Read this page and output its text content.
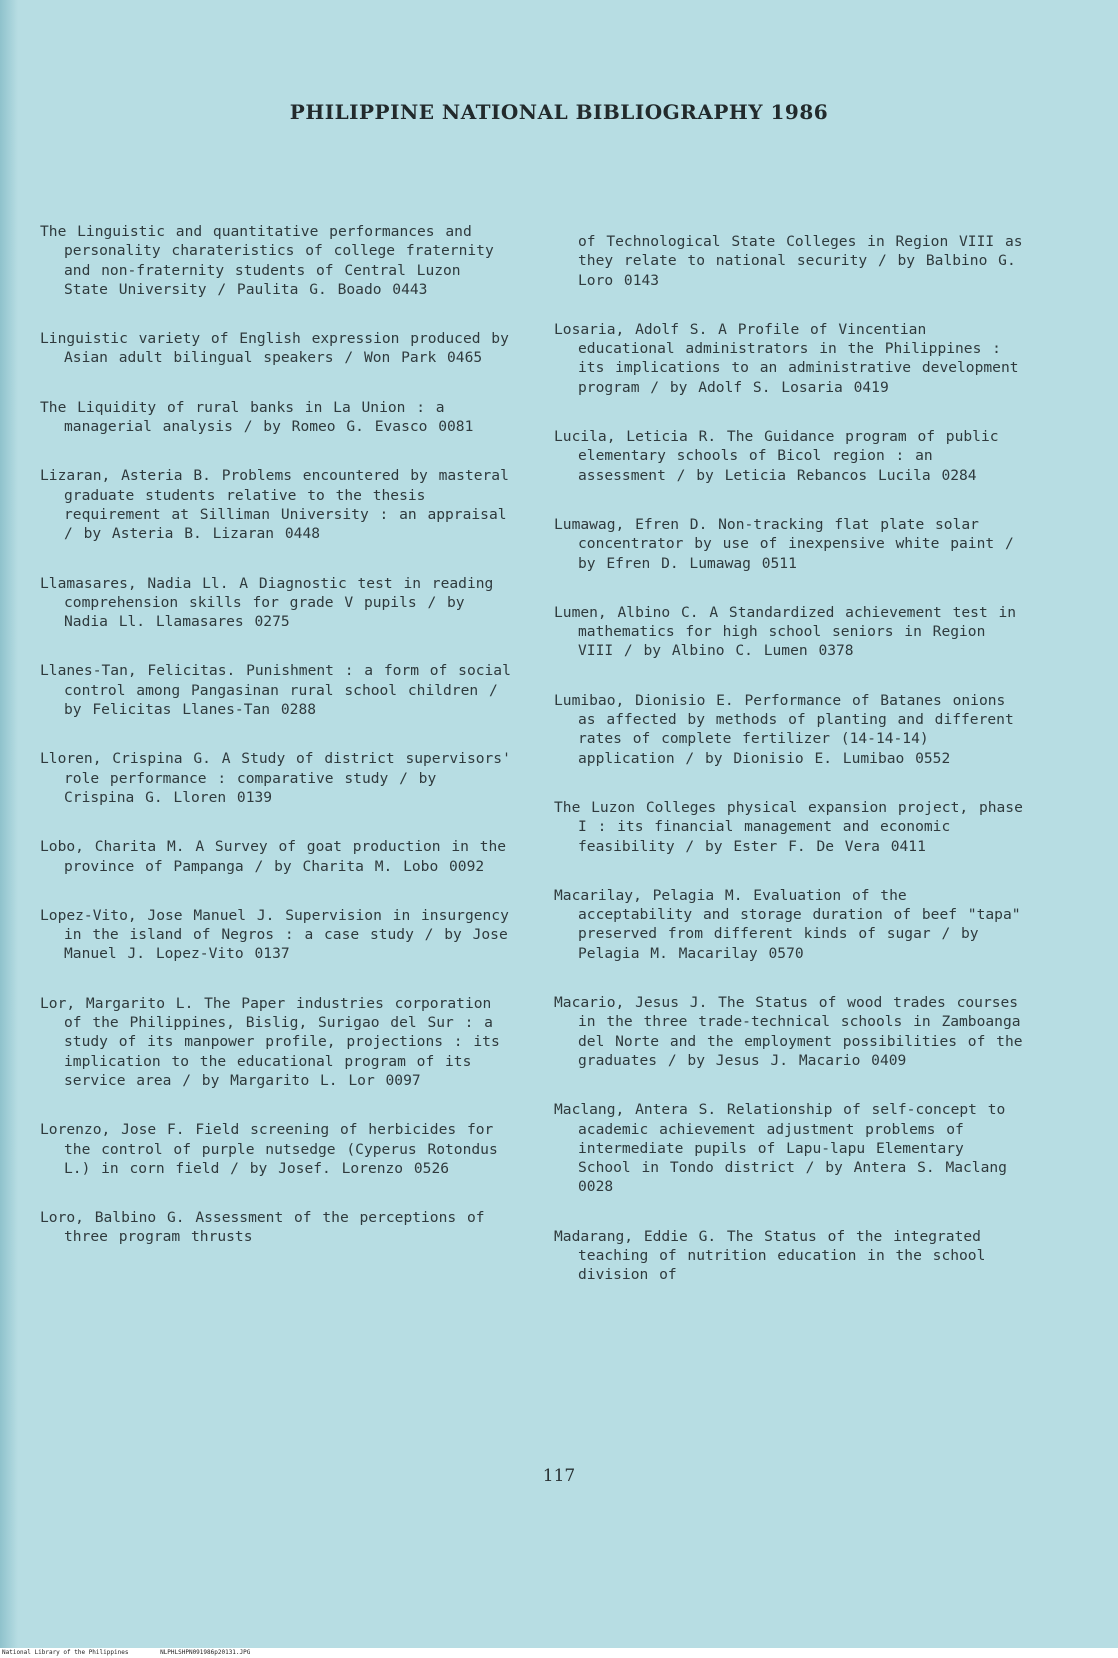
PHILIPPINE NATIONAL BIBLIOGRAPHY 1986

The Linguistic and quantitative performances and personality charateristics of college fraternity and non-fraternity students of Central Luzon State University / Paulita G. Boado 0443

Linguistic variety of English expression produced by Asian adult bilingual speakers / Won Park 0465

The Liquidity of rural banks in La Union : a managerial analysis / by Romeo G. Evasco 0081

Lizaran, Asteria B. Problems encountered by masteral graduate students relative to the thesis requirement at Silliman University : an appraisal / by Asteria B. Lizaran 0448

Llamasares, Nadia Ll. A Diagnostic test in reading comprehension skills for grade V pupils / by Nadia Ll. Llamasares 0275

Llanes-Tan, Felicitas. Punishment : a form of social control among Pangasinan rural school children / by Felicitas Llanes-Tan 0288

Lloren, Crispina G. A Study of district supervisors' role performance : comparative study / by Crispina G. Lloren 0139

Lobo, Charita M. A Survey of goat production in the province of Pampanga / by Charita M. Lobo 0092

Lopez-Vito, Jose Manuel J. Supervision in insurgency in the island of Negros : a case study / by Jose Manuel J. Lopez-Vito 0137

Lor, Margarito L. The Paper industries corporation of the Philippines, Bislig, Surigao del Sur : a study of its manpower profile, projections : its implication to the educational program of its service area / by Margarito L. Lor 0097

Lorenzo, Jose F. Field screening of herbicides for the control of purple nutsedge (Cyperus Rotondus L.) in corn field / by Josef. Lorenzo 0526

Loro, Balbino G. Assessment of the perceptions of three program thrusts

of Technological State Colleges in Region VIII as they relate to national security / by Balbino G. Loro 0143

Losaria, Adolf S. A Profile of Vincentian educational administrators in the Philippines : its implications to an administrative development program / by Adolf S. Losaria 0419

Lucila, Leticia R. The Guidance program of public elementary schools of Bicol region : an assessment / by Leticia Rebancos Lucila 0284

Lumawag, Efren D. Non-tracking flat plate solar concentrator by use of inexpensive white paint / by Efren D. Lumawag 0511

Lumen, Albino C. A Standardized achievement test in mathematics for high school seniors in Region VIII / by Albino C. Lumen 0378

Lumibao, Dionisio E. Performance of Batanes onions as affected by methods of planting and different rates of complete fertilizer (14-14-14) application / by Dionisio E. Lumibao 0552

The Luzon Colleges physical expansion project, phase I : its financial management and economic feasibility / by Ester F. De Vera 0411

Macarilay, Pelagia M. Evaluation of the acceptability and storage duration of beef "tapa" preserved from different kinds of sugar / by Pelagia M. Macarilay 0570

Macario, Jesus J. The Status of wood trades courses in the three trade-technical schools in Zamboanga del Norte and the employment possibilities of the graduates / by Jesus J. Macario 0409

Maclang, Antera S. Relationship of self-concept to academic achievement adjustment problems of intermediate pupils of Lapu-lapu Elementary School in Tondo district / by Antera S. Maclang 0028

Madarang, Eddie G. The Status of the integrated teaching of nutrition education in the school division of

117
National Library of the Philippines	NLPHLSHPN091986p20131.JPG
